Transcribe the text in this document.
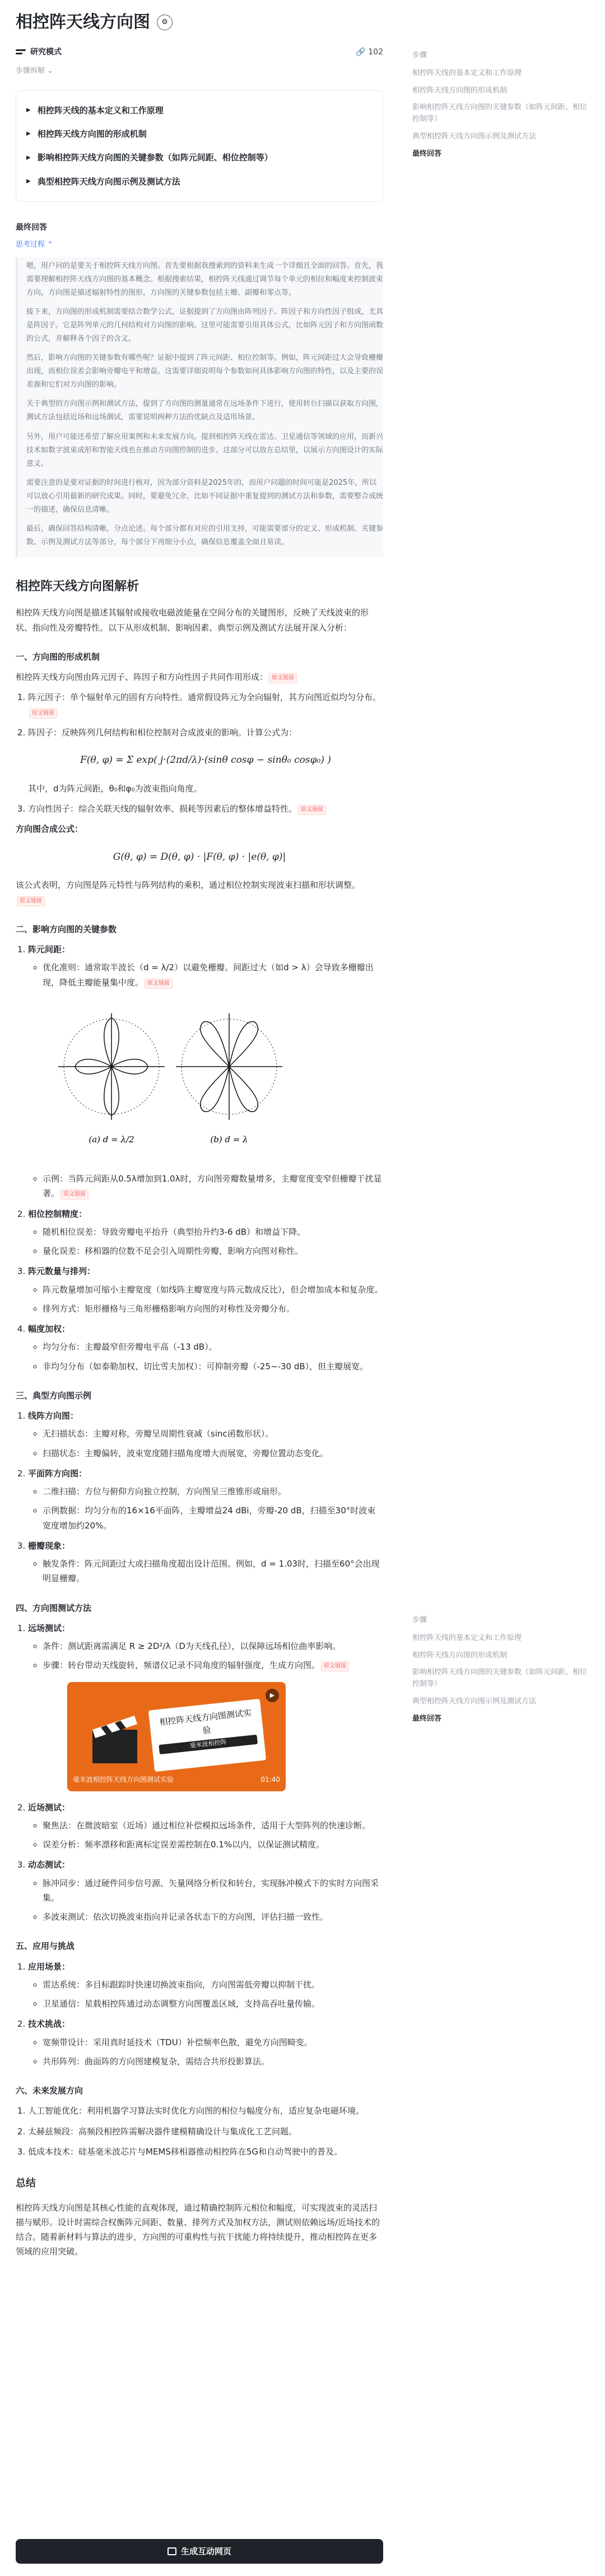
相控阵天线方向图	⚙
研究模式	🔗 102
步骤拆解 ⌄
▶ 相控阵天线的基本定义和工作原理
▶ 相控阵天线方向图的形成机制
▶ 影响相控阵天线方向图的关键参数（如阵元间距、相位控制等）
▶ 典型相控阵天线方向图示例及测试方法
最终回答
思考过程 ⌃

嗯，用户问的是要关于相控阵天线方向图。首先要根据我搜索到的资料来生成一个详细且全面的回答。首先，我需要理解相控阵天线方向图的基本概念。根据搜索结果，相控阵天线通过调节每个单元的相位和幅度来控制波束方向。方向图是描述辐射特性的图形，方向图的关键参数包括主瓣、副瓣和零点等。

接下来，方向图的形成机制需要结合数学公式，证据提到了方向图由阵列因子、阵因子和方向性因子组成，尤其是阵因子。它是阵列单元的几何结构对方向图的影响。这里可能需要引用具体公式，比如阵元因子和方向图函数的公式，并解释各个因子的含义。

然后，影响方向图的关键参数有哪些呢？证据中提到了阵元间距、相位控制等。例如，阵元间距过大会导致栅瓣出现，而相位误差会影响旁瓣电平和增益。这需要详细说明每个参数如何具体影响方向图的特性，以及主要的误差源和它们对方向图的影响。

关于典型的方向图示例和测试方法，提到了方向图的测量通常在远场条件下进行，使用转台扫描以获取方向图，测试方法包括近场和远场测试，需要说明两种方法的优缺点及适用场景。

另外，用户可能还希望了解应用案例和未来发展方向。提到相控阵天线在雷达、卫星通信等领域的应用，而新兴技术如数字波束成形和智能天线也在推动方向图控制的进步。这部分可以放在总结里，以展示方向图设计的实际意义。

需要注意的是要对证据的时间进行核对，因为部分资料是2025年的，而用户问题的时间可能是2025年，所以可以放心引用最新的研究成果。同时，要避免冗余，比如不同证据中重复提到的测试方法和参数，需要整合成统一的描述，确保信息清晰。

最后，确保回答结构清晰，分点论述。每个部分都有对应的引用支持，可能需要部分的定义、形成机制、关键参数、示例及测试方法等部分，每个部分下再细分小点，确保信息覆盖全面且易读。

相控阵天线方向图解析

相控阵天线方向图是描述其辐射或接收电磁波能量在空间分布的关键图形，反映了天线波束的形状、指向性及旁瓣特性。以下从形成机制、影响因素、典型示例及测试方法展开深入分析：

一、方向图的形成机制

相控阵天线方向图由阵元因子、阵因子和方向性因子共同作用形成： 原文链接

1. 阵元因子：单个辐射单元的固有方向特性。通常假设阵元为全向辐射，其方向图近似均匀分布。原文链接
2. 阵因子：反映阵列几何结构和相位控制对合成波束的影响。计算公式为：
F(θ, φ) = Σ exp( j·(2πd/λ)·(sinθ cosφ − sinθ₀ cosφ₀) )

其中，d为阵元间距，θ₀和φ₀为波束指向角度。

3. 方向性因子：综合关联天线的辐射效率、损耗等因素后的整体增益特性。 原文链接

方向图合成公式：

G(θ, φ) = D(θ, φ) · |F(θ, φ) · |e(θ, φ)|

该公式表明，方向图是阵元特性与阵列结构的乘积，通过相位控制实现波束扫描和形状调整。原文链接

二、影响方向图的关键参数
1. 阵元间距：
◦ 优化准则：通常取半波长（d = λ/2）以避免栅瓣。间距过大（如d > λ）会导致多栅瓣出现，降低主瓣能量集中度。 原文链接
(a) d = λ/2	(b) d = λ
◦ 示例：当阵元间距从0.5λ增加到1.0λ时，方向图旁瓣数量增多，主瓣宽度变窄但栅瓣干扰显著。 原文链接
2. 相位控制精度：
◦ 随机相位误差：导致旁瓣电平抬升（典型抬升约3-6 dB）和增益下降。
◦ 量化误差：移相器的位数不足会引入周期性旁瓣，影响方向图对称性。
3. 阵元数量与排列：
◦ 阵元数量增加可缩小主瓣宽度（如线阵主瓣宽度与阵元数成反比），但会增加成本和复杂度。
◦ 排列方式：矩形栅格与三角形栅格影响方向图的对称性及旁瓣分布。
4. 幅度加权：
◦ 均匀分布：主瓣最窄但旁瓣电平高（-13 dB）。
◦ 非均匀分布（如泰勒加权、切比雪夫加权）：可抑制旁瓣（-25~-30 dB），但主瓣展宽。
三、典型方向图示例
1. 线阵方向图：
◦ 无扫描状态：主瓣对称，旁瓣呈周期性衰减（sinc函数形状）。
◦ 扫描状态：主瓣偏转，波束宽度随扫描角度增大而展宽，旁瓣位置动态变化。
2. 平面阵方向图：
◦ 二维扫描：方位与俯仰方向独立控制，方向图呈三维锥形或扇形。
◦ 示例数据：均匀分布的16×16平面阵，主瓣增益24 dBi，旁瓣-20 dB，扫描至30°时波束宽度增加约20%。
3. 栅瓣现象：
◦ 触发条件：阵元间距过大或扫描角度超出设计范围。例如，d = 1.03时，扫描至60°会出现明显栅瓣。
四、方向图测试方法
1. 远场测试：
◦ 条件：测试距离需满足 R ≥ 2D²/λ（D为天线孔径），以保障远场相位曲率影响。
◦ 步骤：转台带动天线旋转，频谱仪记录不同角度的辐射强度，生成方向图。 原文链接
相控阵天线方向图测试实验
毫米波相控阵
▶
毫米波相控阵天线方向图测试实验	01:40
2. 近场测试：
◦ 聚焦法：在微波暗室（近场）通过相位补偿模拟远场条件，适用于大型阵列的快速诊断。
◦ 误差分析：频率漂移和距离标定误差需控制在0.1%以内，以保证测试精度。
3. 动态测试：
◦ 脉冲同步：通过硬件同步信号源、矢量网络分析仪和转台，实现脉冲模式下的实时方向图采集。
◦ 多波束测试：依次切换波束指向并记录各状态下的方向图，评估扫描一致性。
五、应用与挑战
1. 应用场景：
◦ 雷达系统：多目标跟踪时快速切换波束指向，方向图需低旁瓣以抑制干扰。
◦ 卫星通信：星载相控阵通过动态调整方向图覆盖区域，支持高吞吐量传输。
2. 技术挑战：
◦ 宽频带设计：采用真时延技术（TDU）补偿频率色散，避免方向图畸变。
◦ 共形阵列：曲面阵的方向图建模复杂，需结合共形投影算法。
六、未来发展方向
1. 人工智能优化：利用机器学习算法实时优化方向图的相位与幅度分布，适应复杂电磁环境。
2. 太赫兹频段：高频段相控阵需解决器件建模精确设计与集成化工艺问题。
3. 低成本技术：硅基毫米波芯片与MEMS移相器推动相控阵在5G和自动驾驶中的普及。
总结

相控阵天线方向图是其核心性能的直观体现，通过精确控制阵元相位和幅度，可实现波束的灵活扫描与赋形。设计时需综合权衡阵元间距、数量、排列方式及加权方法，测试则依赖远场/近场技术的结合。随着新材料与算法的进步，方向图的可重构性与抗干扰能力将持续提升，推动相控阵在更多领域的应用突破。

步骤
相控阵天线的基本定义和工作原理
相控阵天线方向图的形成机制
影响相控阵天线方向图的关键参数（如阵元间距、相位控制等）
典型相控阵天线方向图示例及测试方法
最终回答
步骤
相控阵天线的基本定义和工作原理
相控阵天线方向图的形成机制
影响相控阵天线方向图的关键参数（如阵元间距、相位控制等）
典型相控阵天线方向图示例及测试方法
最终回答
生成互动网页
